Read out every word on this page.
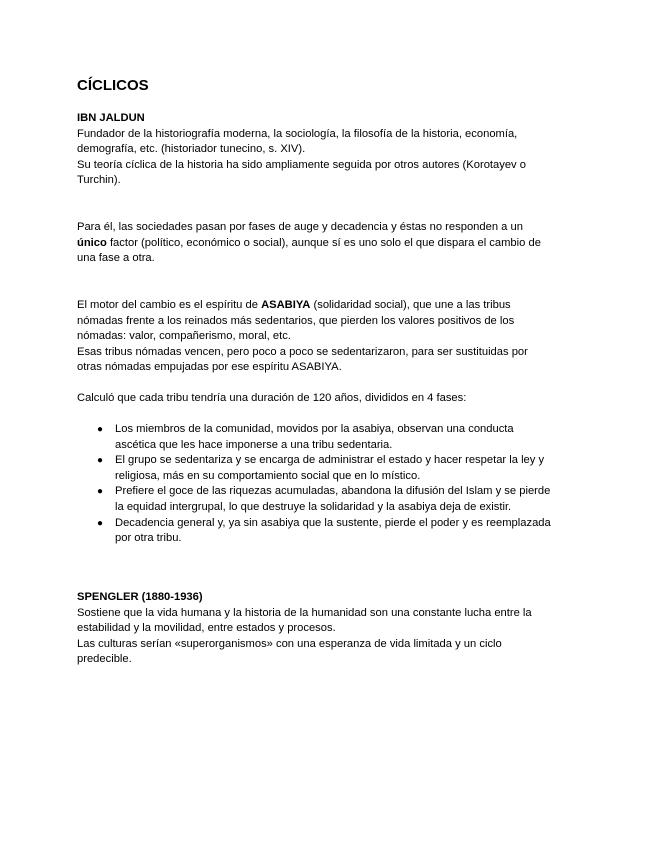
CÍCLICOS

IBN JALDUN

Fundador de la historiografía moderna, la sociología, la filosofía de la historia, economía,
demografía, etc. (historiador tunecino, s. XIV).

Su teoría cíclica de la historia ha sido ampliamente seguida por otros autores (Korotayev o Turchin).

Para él, las sociedades pasan por fases de auge y decadencia y éstas no responden a un
único factor (político, económico o social), aunque sí es uno solo el que dispara el cambio de una fase a otra.

El motor del cambio es el espíritu de ASABIYA (solidaridad social), que une a las tribus nómadas frente a los reinados más sedentarios, que pierden los valores positivos de los nómadas: valor, compañerismo, moral, etc.

Esas tribus nómadas vencen, pero poco a poco se sedentarizaron, para ser sustituidas por otras nómadas empujadas por ese espíritu ASABIYA.

Calculó que cada tribu tendría una duración de 120 años, divididos en 4 fases:

● Los miembros de la comunidad, movidos por la asabiya, observan una conducta ascética que les hace imponerse a una tribu sedentaria.
● El grupo se sedentariza y se encarga de administrar el estado y hacer respetar la ley y religiosa, más en su comportamiento social que en lo místico.
● Prefiere el goce de las riquezas acumuladas, abandona la difusión del Islam y se pierde la equidad intergrupal, lo que destruye la solidaridad y la asabiya deja de existir.
● Decadencia general y, ya sin asabiya que la sustente, pierde el poder y es reemplazada por otra tribu.

SPENGLER (1880-1936)

Sostiene que la vida humana y la historia de la humanidad son una constante lucha entre la estabilidad y la movilidad, entre estados y procesos.

Las culturas serían «superorganismos» con una esperanza de vida limitada y un ciclo predecible.
